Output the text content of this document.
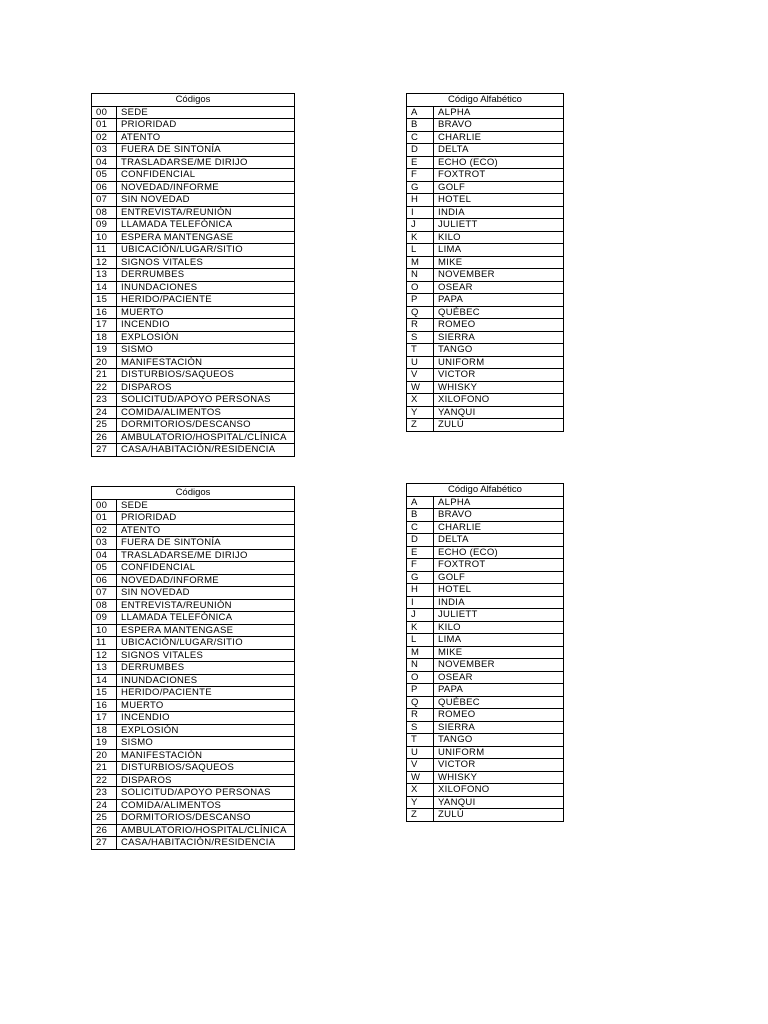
Códigos	
00	SEDE
01	PRIORIDAD
02	ATENTO
03	FUERA DE SINTONÍA
04	TRASLADARSE/ME DIRIJO
05	CONFIDENCIAL
06	NOVEDAD/INFORME
07	SIN NOVEDAD
08	ENTREVISTA/REUNIÓN
09	LLAMADA TELEFÓNICA
10	ESPERA MANTENGASE
11	UBICACIÓN/LUGAR/SITIO
12	SIGNOS VITALES
13	DERRUMBES
14	INUNDACIONES
15	HERIDO/PACIENTE
16	MUERTO
17	INCENDIO
18	EXPLOSIÓN
19	SISMO
20	MANIFESTACIÓN
21	DISTURBIOS/SAQUEOS
22	DISPAROS
23	SOLICITUD/APOYO PERSONAS
24	COMIDA/ALIMENTOS
25	DORMITORIOS/DESCANSO
26	AMBULATORIO/HOSPITAL/CLÍNICA
27	CASA/HABITACIÓN/RESIDENCIA
Código Alfabético	
A	ALPHA
B	BRAVO
C	CHARLIE
D	DELTA
E	ECHO (ECO)
F	FOXTROT
G	GOLF
H	HOTEL
I	INDIA
J	JULIETT
K	KILO
L	LIMA
M	MIKE
N	NOVEMBER
O	OSEAR
P	PAPA
Q	QUÉBEC
R	ROMEO
S	SIERRA
T	TANGO
U	UNIFORM
V	VICTOR
W	WHISKY
X	XILOFONO
Y	YANQUI
Z	ZULÚ
Códigos	
00	SEDE
01	PRIORIDAD
02	ATENTO
03	FUERA DE SINTONÍA
04	TRASLADARSE/ME DIRIJO
05	CONFIDENCIAL
06	NOVEDAD/INFORME
07	SIN NOVEDAD
08	ENTREVISTA/REUNIÓN
09	LLAMADA TELEFÓNICA
10	ESPERA MANTENGASE
11	UBICACIÓN/LUGAR/SITIO
12	SIGNOS VITALES
13	DERRUMBES
14	INUNDACIONES
15	HERIDO/PACIENTE
16	MUERTO
17	INCENDIO
18	EXPLOSIÓN
19	SISMO
20	MANIFESTACIÓN
21	DISTURBIOS/SAQUEOS
22	DISPAROS
23	SOLICITUD/APOYO PERSONAS
24	COMIDA/ALIMENTOS
25	DORMITORIOS/DESCANSO
26	AMBULATORIO/HOSPITAL/CLÍNICA
27	CASA/HABITACIÓN/RESIDENCIA
Código Alfabético	
A	ALPHA
B	BRAVO
C	CHARLIE
D	DELTA
E	ECHO (ECO)
F	FOXTROT
G	GOLF
H	HOTEL
I	INDIA
J	JULIETT
K	KILO
L	LIMA
M	MIKE
N	NOVEMBER
O	OSEAR
P	PAPA
Q	QUÉBEC
R	ROMEO
S	SIERRA
T	TANGO
U	UNIFORM
V	VICTOR
W	WHISKY
X	XILOFONO
Y	YANQUI
Z	ZULÚ
